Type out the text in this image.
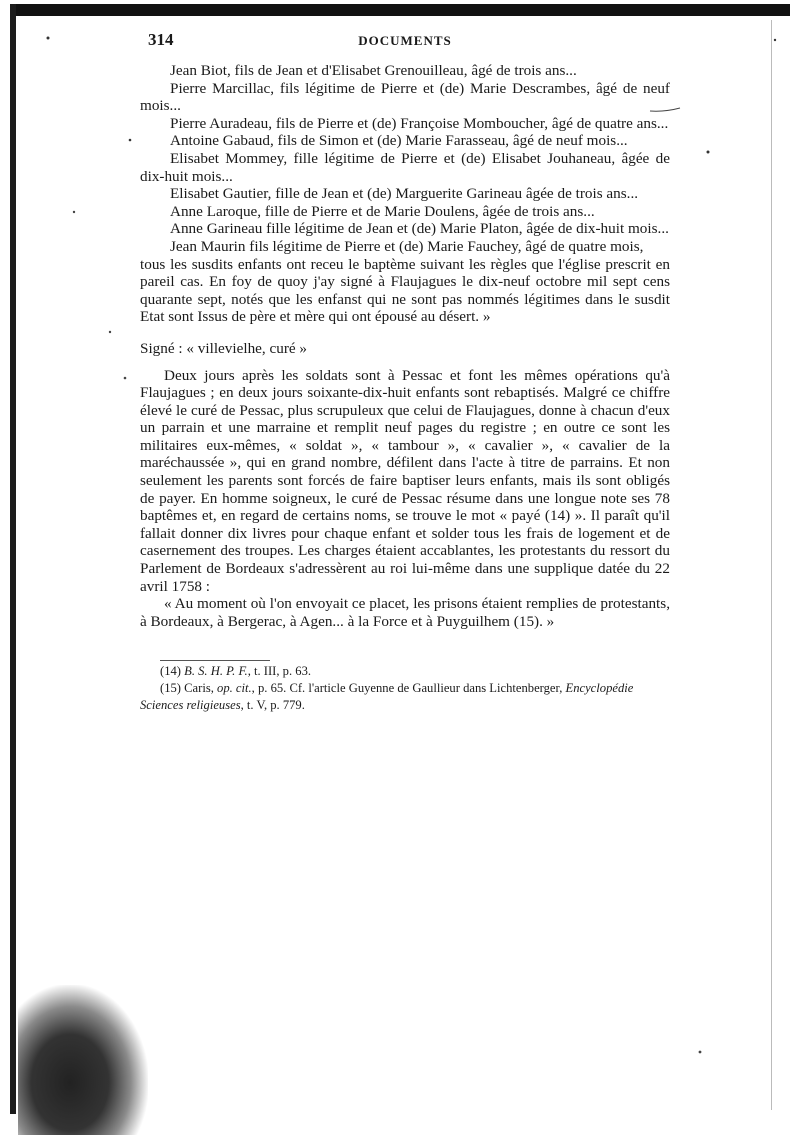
314	DOCUMENTS

Jean Biot, fils de Jean et d'Elisabet Grenouilleau, âgé de trois ans...

Pierre Marcillac, fils légitime de Pierre et (de) Marie Descrambes, âgé de neuf mois...

Pierre Auradeau, fils de Pierre et (de) Françoise Momboucher, âgé de quatre ans...

Antoine Gabaud, fils de Simon et (de) Marie Farasseau, âgé de neuf mois...

Elisabet Mommey, fille légitime de Pierre et (de) Elisabet Jouhaneau, âgée de dix-huit mois...

Elisabet Gautier, fille de Jean et (de) Marguerite Garineau âgée de trois ans...

Anne Laroque, fille de Pierre et de Marie Doulens, âgée de trois ans...

Anne Garineau fille légitime de Jean et (de) Marie Platon, âgée de dix-huit mois...

Jean Maurin fils légitime de Pierre et (de) Marie Fauchey, âgé de quatre mois,

tous les susdits enfants ont receu le baptème suivant les règles que l'église prescrit en pareil cas. En foy de quoy j'ay signé à Flaujagues le dix-neuf octobre mil sept cens quarante sept, notés que les enfanst qui ne sont pas nommés légitimes dans le susdit Etat sont Issus de père et mère qui ont épousé au désert. »

Signé : « villevielhe, curé »

Deux jours après les soldats sont à Pessac et font les mêmes opérations qu'à Flaujagues ; en deux jours soixante-dix-huit enfants sont rebaptisés. Malgré ce chiffre élevé le curé de Pessac, plus scrupuleux que celui de Flaujagues, donne à chacun d'eux un parrain et une marraine et remplit neuf pages du registre ; en outre ce sont les militaires eux-mêmes, « soldat », « tambour », « cavalier », « cavalier de la maréchaussée », qui en grand nombre, défilent dans l'acte à titre de parrains. Et non seulement les parents sont forcés de faire baptiser leurs enfants, mais ils sont obligés de payer. En homme soigneux, le curé de Pessac résume dans une longue note ses 78 baptêmes et, en regard de certains noms, se trouve le mot « payé (14) ». Il paraît qu'il fallait donner dix livres pour chaque enfant et solder tous les frais de logement et de casernement des troupes. Les charges étaient accablantes, les protestants du ressort du Parlement de Bordeaux s'adressèrent au roi lui-même dans une supplique datée du 22 avril 1758 :

« Au moment où l'on envoyait ce placet, les prisons étaient remplies de protestants, à Bordeaux, à Bergerac, à Agen... à la Force et à Puyguilhem (15). »

(14) B. S. H. P. F., t. III, p. 63.

(15) Caris, op. cit., p. 65. Cf. l'article Guyenne de Gaullieur dans Lichtenberger, Encyclopédie Sciences religieuses, t. V, p. 779.
